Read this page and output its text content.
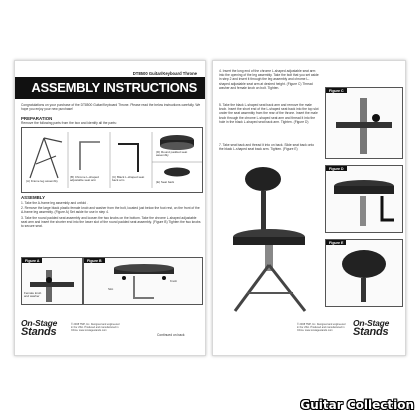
DT8500 Guitar/Keyboard Throne
ASSEMBLY INSTRUCTIONS
Congratulations on your purchase of the DT8500 Guitar/Keyboard Throne. Please read the below instructions carefully. We hope you enjoy your new purchase!
PREPARATION
Remove the following parts from the box and identify all the parts:
(A) Frame leg assembly
(B) Chrome L-shaped adjustable seat arm
(C) Black L-shaped seat back arm
(D) Round padded seat assembly
(E) Seat back
ASSEMBLY
1. Take the A-frame leg assembly and unfold .
2. Remove the large black plastic female knob and washer from the bolt, located just below the foot rest, on the front of the A-frame leg assembly. (Figure A) Set aside for use in step 4.
3. Take the round padded seat assembly and loosen the two knobs on the bottom. Take the chrome L-shaped adjustable seat arm and insert the shorter end into the lower slot of the round padded seat assembly. (Figure B) Tighten the two knobs to secure seat.
Figure A
Female knob and washer
Figure B
Knob
Slot
On-Stage
Stands
© 2008 TMP, Inc. Designed and engineered in the USA. Produced and manufactured in China. www.onstagestands.com
Continued on back
4. Insert the long end of the chrome L-shaped adjustable seat arm into the opening of the leg assembly. Take the bolt that you set aside in step 2 and insert it through the leg assembly and chrome L-shaped adjustable seat arm at desired height. (Figure C) Thread washer and female knob on bolt. Tighten.
5. Take the black L-shaped seat back arm and remove the male knob. Insert the short end of the L-shaped seat back into the top slot under the seat assembly from the rear of the throne. Insert the male knob through the chrome L-shaped seat arm and thread it into the hole in the black L-shaped seat back arm. Tighten. (Figure D)
7. Take seat back and thread it into on back. Slide seat back onto the black L-shaped seat back arm. Tighten. (Figure E)
Figure C
Figure D
Figure E
© 2008 TMP, Inc. Designed and engineered in the USA. Produced and manufactured in China. www.onstagestands.com
On-Stage
Stands
Guitar Collection
